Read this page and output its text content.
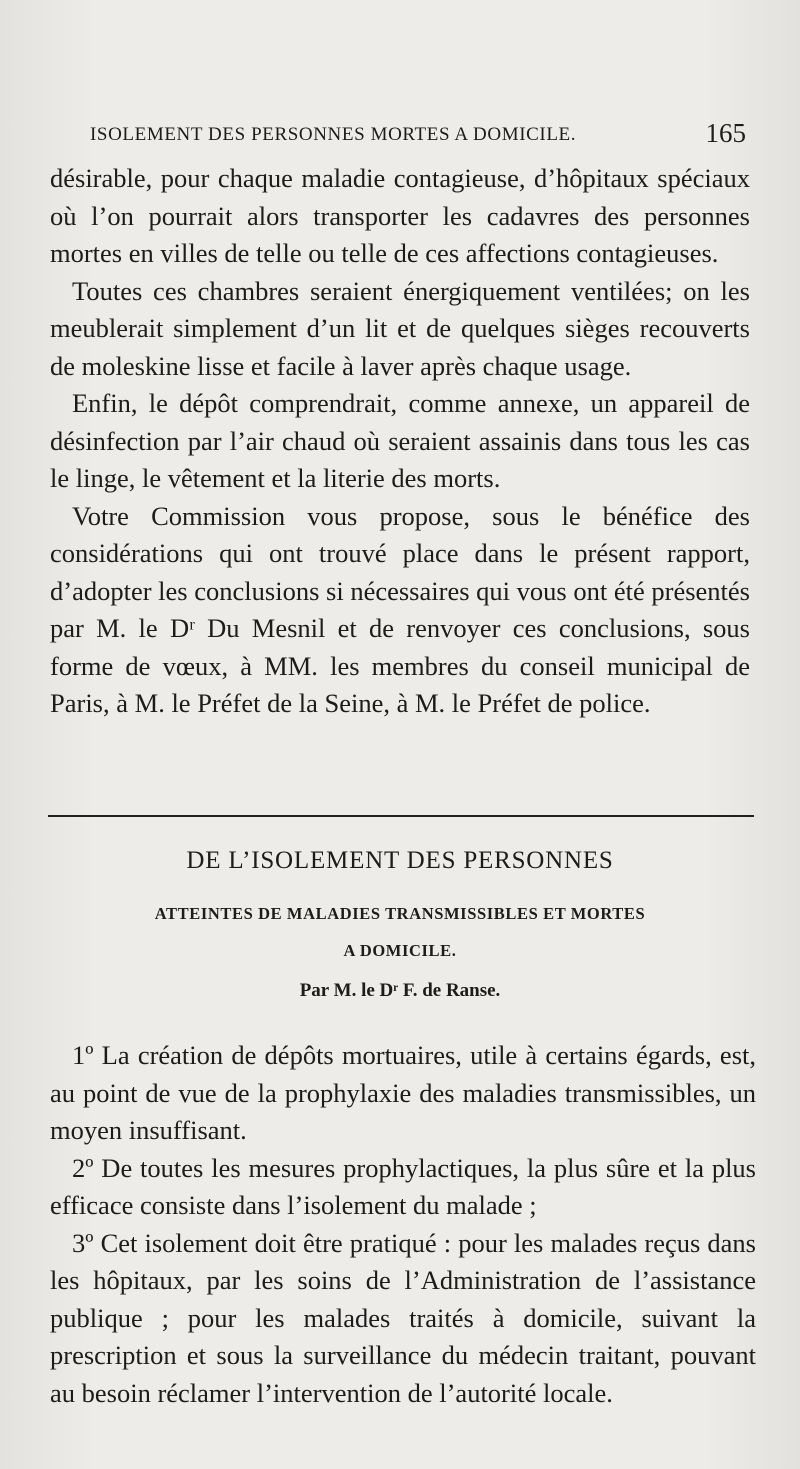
ISOLEMENT DES PERSONNES MORTES A DOMICILE.	165

désirable, pour chaque maladie contagieuse, d’hôpitaux spéciaux où l’on pourrait alors transporter les cadavres des personnes mortes en villes de telle ou telle de ces affections contagieuses.

Toutes ces chambres seraient énergiquement ventilées; on les meublerait simplement d’un lit et de quelques sièges recouverts de moleskine lisse et facile à laver après chaque usage.

Enfin, le dépôt comprendrait, comme annexe, un appareil de désinfection par l’air chaud où seraient assainis dans tous les cas le linge, le vêtement et la literie des morts.

Votre Commission vous propose, sous le bénéfice des considérations qui ont trouvé place dans le présent rapport, d’adopter les conclusions si nécessaires qui vous ont été présentés par M. le Dʳ Du Mesnil et de renvoyer ces conclusions, sous forme de vœux, à MM. les membres du conseil municipal de Paris, à M. le Préfet de la Seine, à M. le Préfet de police.

DE L’ISOLEMENT DES PERSONNES
ATTEINTES DE MALADIES TRANSMISSIBLES ET MORTES
A DOMICILE.
Par M. le Dʳ F. de Ranse.

1º La création de dépôts mortuaires, utile à certains égards, est, au point de vue de la prophylaxie des maladies transmissibles, un moyen insuffisant.

2º De toutes les mesures prophylactiques, la plus sûre et la plus efficace consiste dans l’isolement du malade ;

3º Cet isolement doit être pratiqué : pour les malades reçus dans les hôpitaux, par les soins de l’Administration de l’assistance publique ; pour les malades traités à domicile, suivant la prescription et sous la surveillance du médecin traitant, pouvant au besoin réclamer l’intervention de l’autorité locale.
